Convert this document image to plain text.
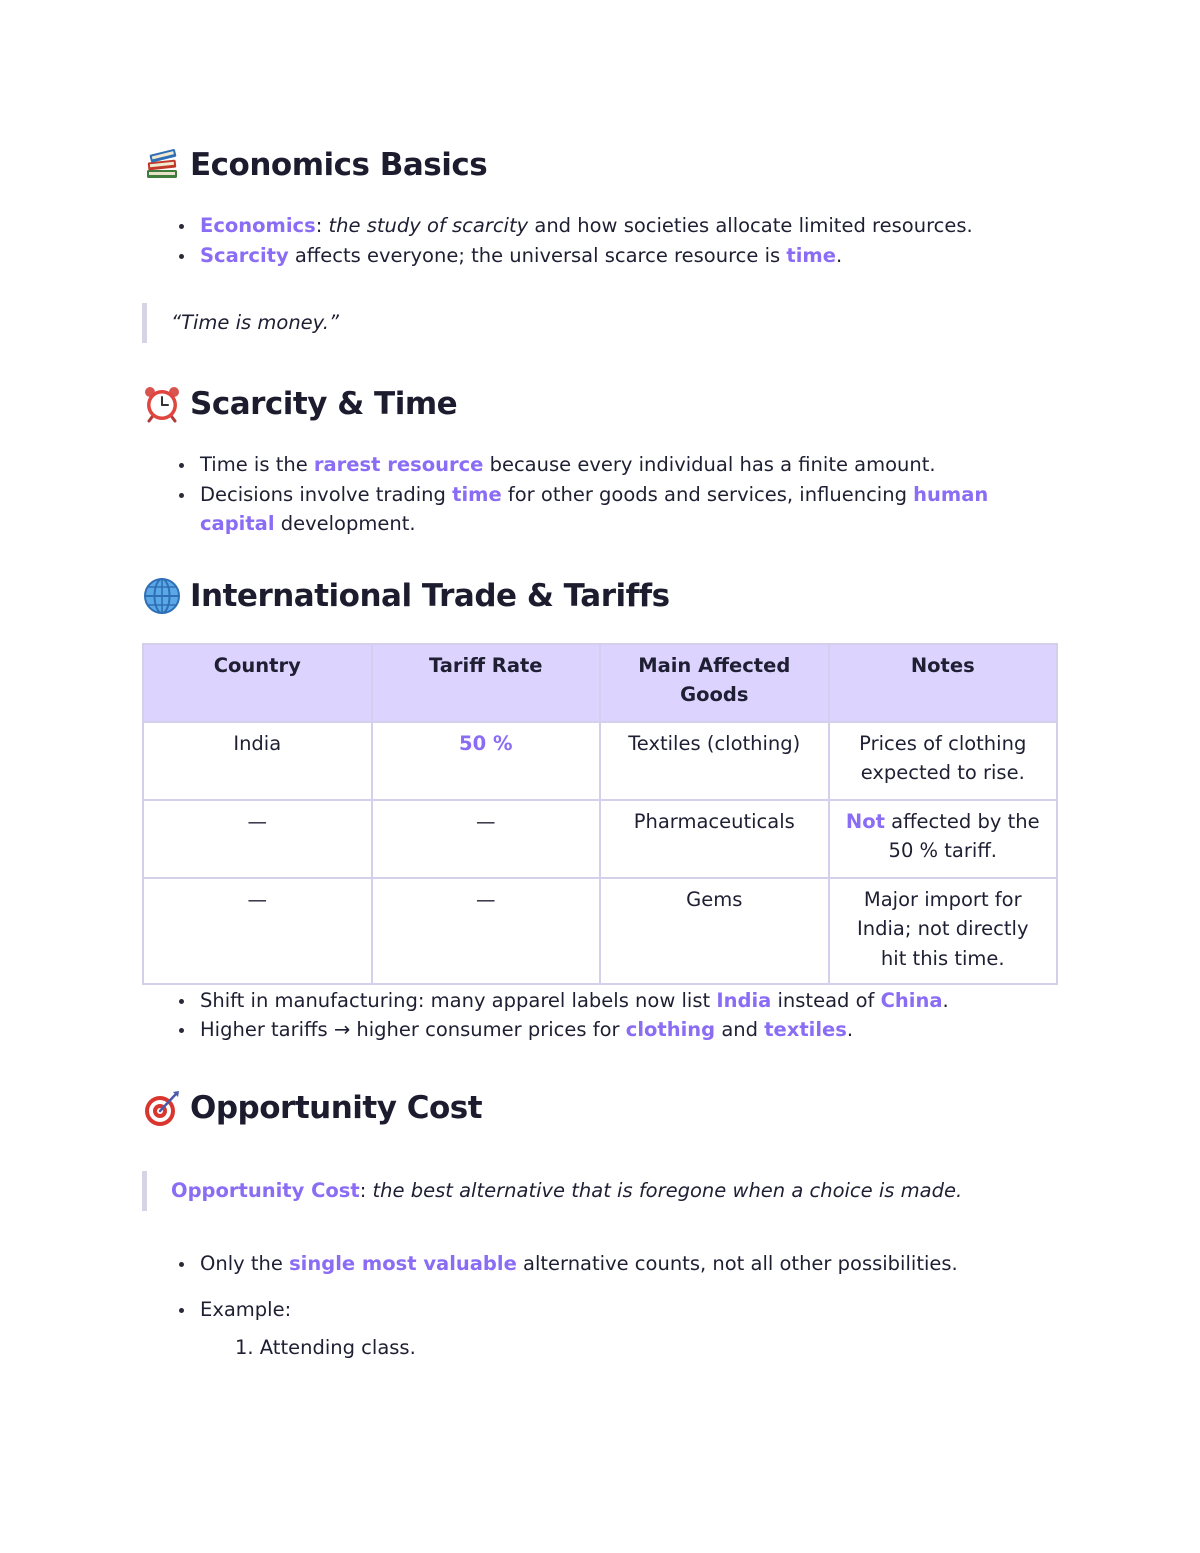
Economics Basics
Economics: the study of scarcity and how societies allocate limited resources.
Scarcity affects everyone; the universal scarce resource is time.
“Time is money.”
Scarcity & Time
Time is the rarest resource because every individual has a finite amount.
Decisions involve trading time for other goods and services, influencing human capital development.
International Trade & Tariffs
Country	Tariff Rate	Main Affected Goods	Notes
India	50 %	Textiles (clothing)	Prices of clothing expected to rise.
—	—	Pharmaceuticals	Not affected by the 50 % tariff.
—	—	Gems	Major import for India; not directly hit this time.
Shift in manufacturing: many apparel labels now list India instead of China.
Higher tariffs → higher consumer prices for clothing and textiles.
Opportunity Cost
Opportunity Cost: the best alternative that is foregone when a choice is made.
Only the single most valuable alternative counts, not all other possibilities.
Example:
1. Attending class.
